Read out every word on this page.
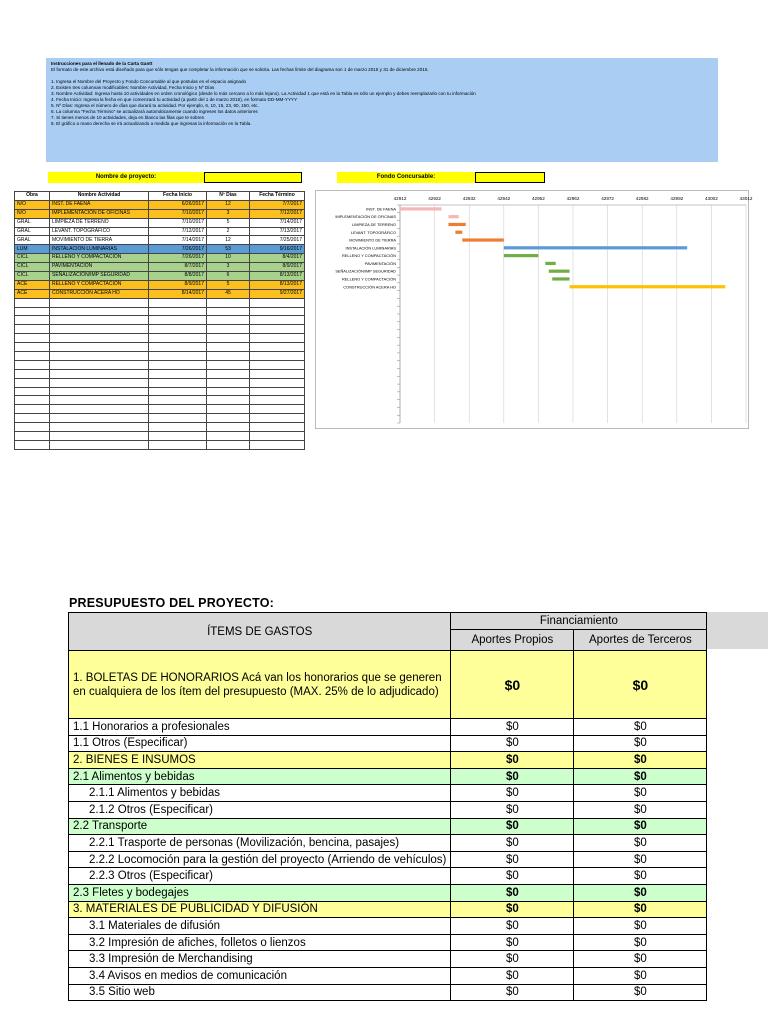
Instrucciones para el llenado de la Carta Gantt

El formato de este archivo está diseñado para que sólo tengas que completar la información que se solicita. Las fechas límite del diagrama son 1 de marzo 2015 y 31 de diciembre 2015.

1. Ingresa el Nombre del Proyecto y Fondo Concursable al que postulas en el espacio asignado

2. Existen tres columnas modificables: Nombre Actividad, Fecha Inicio y Nº Días

3. Nombre Actividad: Ingresa hasta 10 actividades en orden cronológico (desde lo más cercano a lo más lejano). La Actividad 1 que está en la Tabla es sólo un ejemplo y debes reemplazarlo con tu información

4. Fecha Inicio: Ingresa la fecha en que comenzará tu actividad (a partir del 1 de marzo 2015), en formato DD-MM-YYYY

5. Nº Días: Ingresa el número de días que durará tu actividad. Por ejemplo, 6, 10, 15, 23, 60, 150, etc.

6. La columna "Fecha Término" se actualizará automáticamente cuando ingreses los datos anteriores

7. Si tienes menos de 10 actividades, deja en blanco las filas que te sobren

8. El gráfico a mano derecha se irá actualizando a medida que ingresas la información en la Tabla.

Nombre de proyecto:	Fondo Concursable:
Obra	Nombre Actividad	Fecha Inicio	Nº Días	Fecha Término
N/O	INST. DE FAENA	6/26/2017	12	7/7/2017
N/O	IMPLEMENTACIÓN DE OFICINAS	7/10/2017	3	7/12/2017
GRAL	LIMPIEZA DE TERRENO	7/10/2017	5	7/14/2017
GRAL	LEVANT. TOPOGRÁFICO	7/12/2017	2	7/13/2017
GRAL	MOVIMIENTO DE TIERRA	7/14/2017	12	7/25/2017
LUM	INSTALACION LUMINARIAS	7/26/2017	53	9/16/2017
CICL	RELLENO Y COMPACTACIÓN	7/26/2017	10	8/4/2017
CICL	PAVIMENTACIÓN	8/7/2017	3	8/9/2017
CICL	SEÑALIZACIÓN/IMP SEGURIDAD	8/8/2017	6	8/13/2017
ACE	RELLENO Y COMPACTACIÓN	8/9/2017	5	8/13/2017
ACE	CONSTRUCCIÓN ACERA HO	8/14/2017	45	9/27/2017

42912	42922	42932	42942	42952	42962	42972	42982	42992	43002	43012
INST. DE FAENA
IMPLEMENTACIÓN DE OFICINAS
LIMPIEZA DE TERRENO
LEVANT. TOPOGRÁFICO
MOVIMIENTO DE TIERRA
INSTALACIÓN LUMINARIAS
RELLENO Y COMPACTACIÓN
PAVIMENTACIÓN
SEÑALIZACIÓN/IMP SEGURIDAD
RELLENO Y COMPACTACIÓN
CONSTRUCCIÓN ACERA HO
PRESUPUESTO DEL PROYECTO:
ÍTEMS DE GASTOS	Financiamiento	
	Aportes Propios	Aportes de Terceros
1. BOLETAS DE HONORARIOS Acá van los honorarios que se generen en cualquiera de los ítem del presupuesto (MAX. 25% de lo adjudicado)	$0	$0
1.1 Honorarios a profesionales	$0	$0
1.1 Otros (Especificar)	$0	$0
2. BIENES E INSUMOS	$0	$0
2.1 Alimentos y bebidas	$0	$0
2.1.1 Alimentos y bebidas	$0	$0
2.1.2 Otros (Especificar)	$0	$0
2.2 Transporte	$0	$0
2.2.1 Trasporte de personas (Movilización, bencina, pasajes)	$0	$0
2.2.2 Locomoción para la gestión del proyecto (Arriendo de vehículos)	$0	$0
2.2.3 Otros (Especificar)	$0	$0
2.3 Fletes y bodegajes	$0	$0
3. MATERIALES DE PUBLICIDAD Y DIFUSIÓN	$0	$0
3.1 Materiales de difusión	$0	$0
3.2 Impresión de afiches, folletos o lienzos	$0	$0
3.3 Impresión de Merchandising	$0	$0
3.4 Avisos en medios de comunicación	$0	$0
3.5 Sitio web	$0	$0
